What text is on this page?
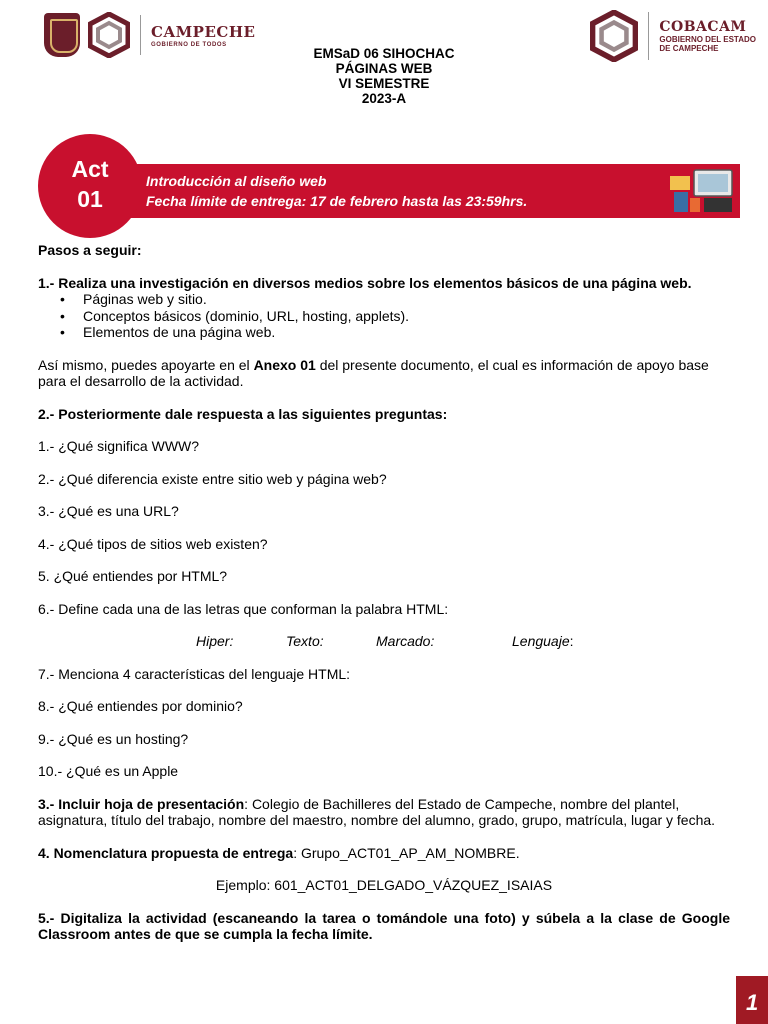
CAMPECHE
GOBIERNO DE TODOS
COBACAM
GOBIERNO DEL ESTADO
DE CAMPECHE
EMSaD 06 SIHOCHAC
PÁGINAS WEB
VI SEMESTRE
2023-A
Introducción al diseño web
Fecha límite de entrega: 17 de febrero hasta las 23:59hrs.
Act
01

Pasos a seguir:

1.- Realiza una investigación en diversos medios sobre los elementos básicos de una página web.

• Páginas web y sitio.
• Conceptos básicos (dominio, URL, hosting, applets).
• Elementos de una página web.

Así mismo, puedes apoyarte en el Anexo 01 del presente documento, el cual es información de apoyo base para el desarrollo de la actividad.

2.- Posteriormente dale respuesta a las siguientes preguntas:

1.- ¿Qué significa WWW?

2.- ¿Qué diferencia existe entre sitio web y página web?

3.- ¿Qué es una URL?

4.- ¿Qué tipos de sitios web existen?

5. ¿Qué entiendes por HTML?

6.- Define cada una de las letras que conforman la palabra HTML:

Hiper:	Texto:	Marcado:	Lenguaje:

7.- Menciona 4 características del lenguaje HTML:

8.- ¿Qué entiendes por dominio?

9.- ¿Qué es un hosting?

10.- ¿Qué es un Apple

3.- Incluir hoja de presentación: Colegio de Bachilleres del Estado de Campeche, nombre del plantel, asignatura, título del trabajo, nombre del maestro, nombre del alumno, grado, grupo, matrícula, lugar y fecha.

4. Nomenclatura propuesta de entrega: Grupo_ACT01_AP_AM_NOMBRE.

Ejemplo: 601_ACT01_DELGADO_VÁZQUEZ_ISAIAS

5.- Digitaliza la actividad (escaneando la tarea o tomándole una foto) y súbela a la clase de Google Classroom antes de que se cumpla la fecha límite.

1
